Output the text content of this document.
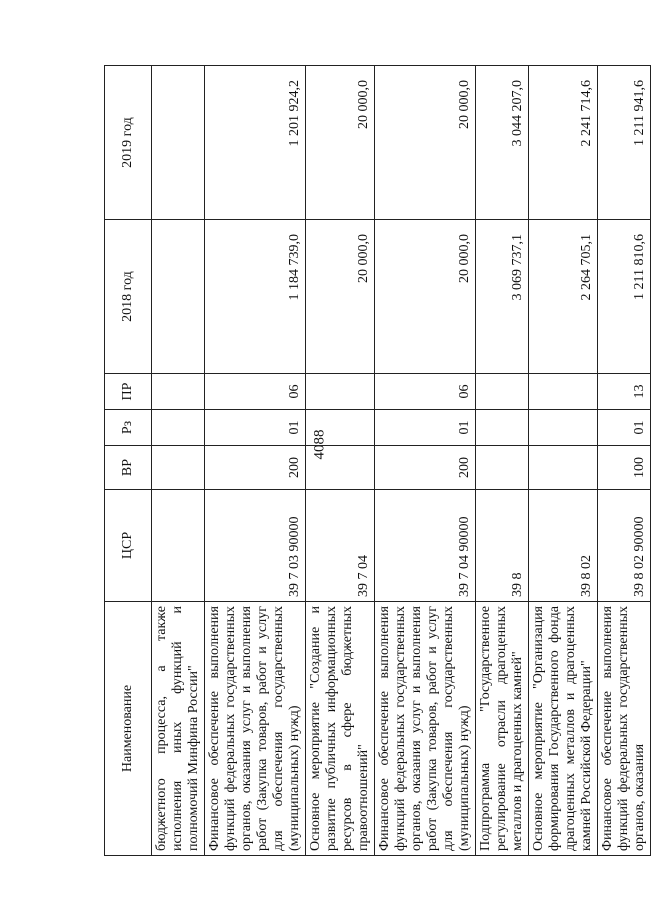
4088
Наименование	ЦСР	ВР	Рз	ПР	2018 год	2019 год
бюджетного процесса, а также исполнения иных функций и полномочий Минфина России"						
Финансовое обеспечение выполнения функций федеральных государственных органов, оказания услуг и выполнения работ (Закупка товаров, работ и услуг для обеспечения государственных (муниципальных) нужд)	39 7 03 90000	200	01	06	1 184 739,0	1 201 924,2
Основное мероприятие "Создание и развитие публичных информационных ресурсов в сфере бюджетных правоотношений"	39 7 04				20 000,0	20 000,0
Финансовое обеспечение выполнения функций федеральных государственных органов, оказания услуг и выполнения работ (Закупка товаров, работ и услуг для обеспечения государственных (муниципальных) нужд)	39 7 04 90000	200	01	06	20 000,0	20 000,0
Подпрограмма "Государственное регулирование отрасли драгоценных металлов и драгоценных камней"	39 8				3 069 737,1	3 044 207,0
Основное мероприятие "Организация формирования Государственного фонда драгоценных металлов и драгоценных камней Российской Федерации"	39 8 02				2 264 705,1	2 241 714,6
Финансовое обеспечение выполнения функций федеральных государственных органов, оказания	39 8 02 90000	100	01	13	1 211 810,6	1 211 941,6
